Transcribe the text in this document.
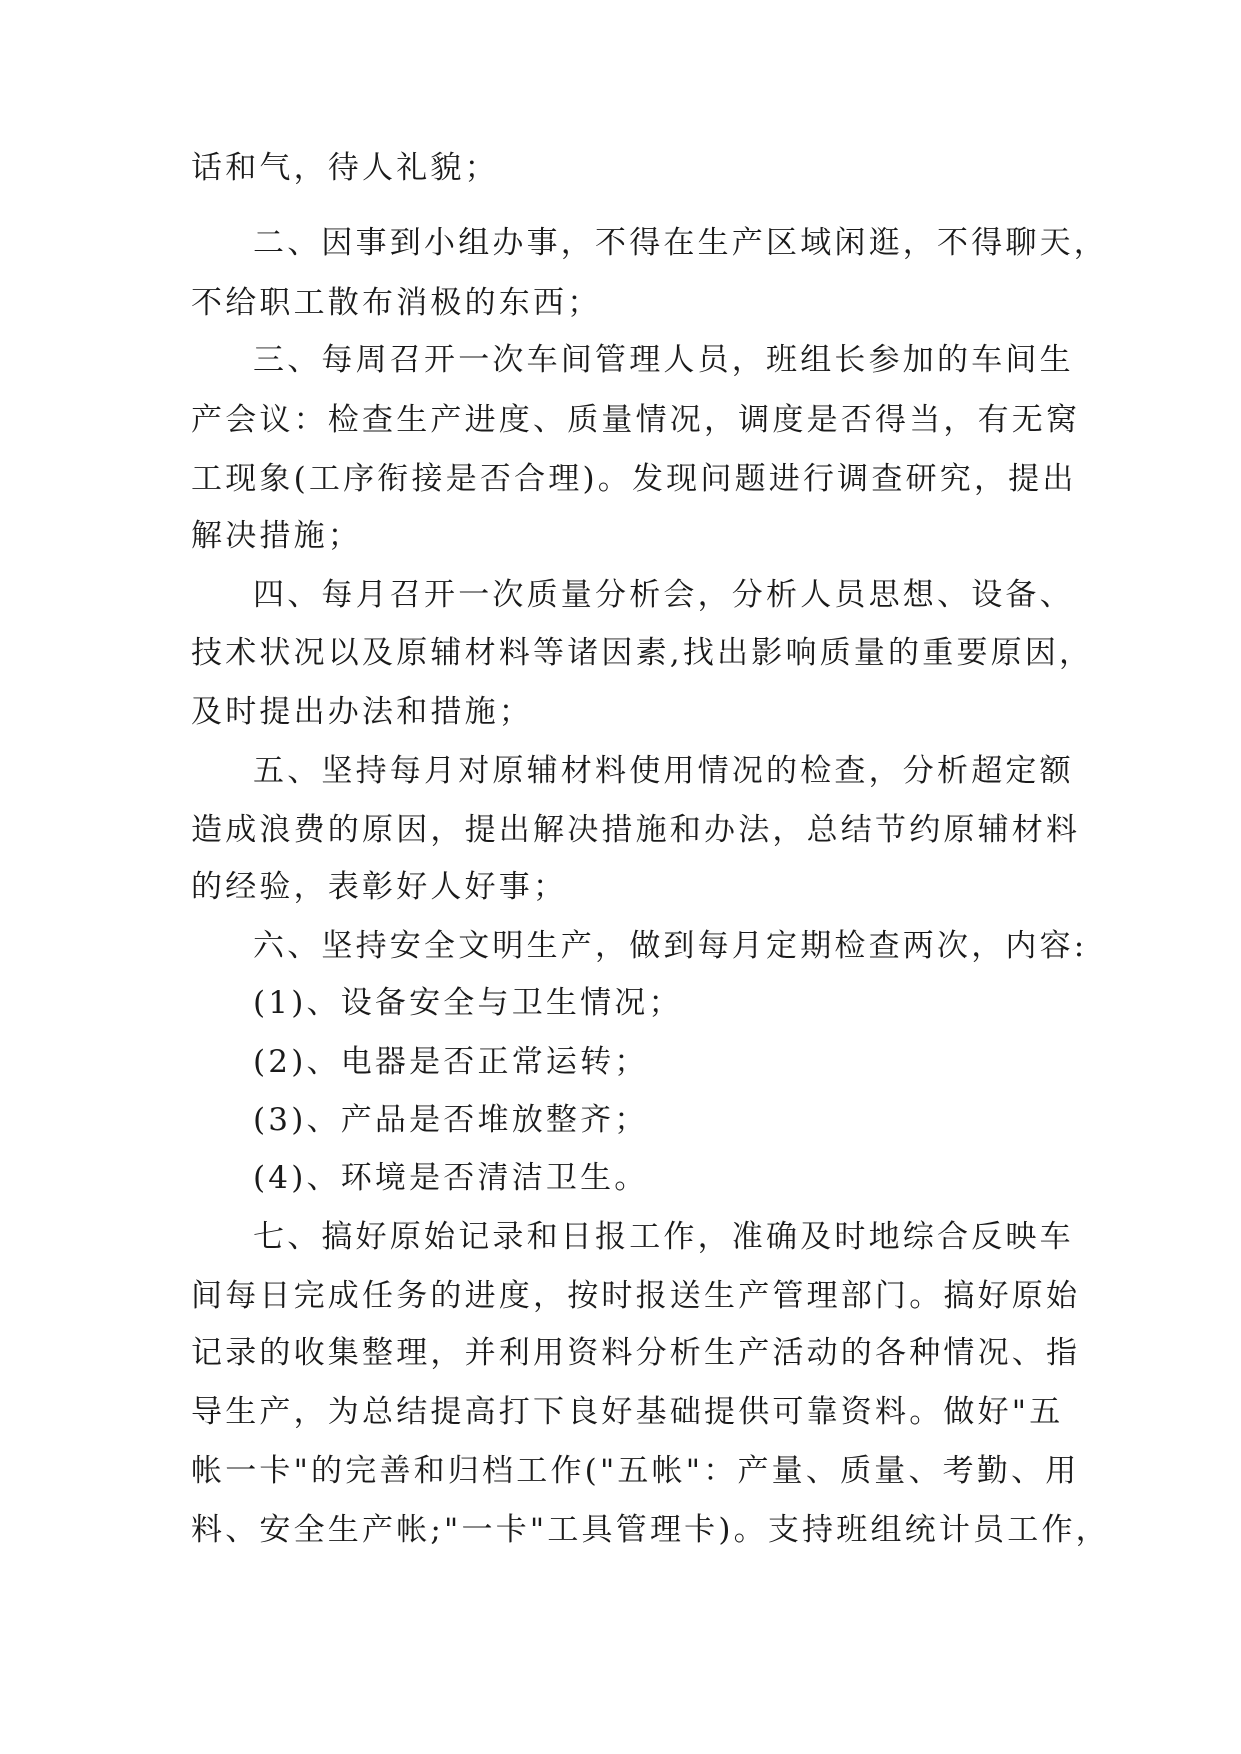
话和气，待人礼貌；
二、因事到小组办事，不得在生产区域闲逛，不得聊天，
不给职工散布消极的东西；
三、每周召开一次车间管理人员，班组长参加的车间生
产会议：检查生产进度、质量情况，调度是否得当，有无窝
工现象(工序衔接是否合理)。发现问题进行调查研究，提出
解决措施；
四、每月召开一次质量分析会，分析人员思想、设备、
技术状况以及原辅材料等诸因素,找出影响质量的重要原因，
及时提出办法和措施；
五、坚持每月对原辅材料使用情况的检查，分析超定额
造成浪费的原因，提出解决措施和办法，总结节约原辅材料
的经验，表彰好人好事；
六、坚持安全文明生产，做到每月定期检查两次，内容:
(1)、设备安全与卫生情况；
(2)、电器是否正常运转；
(3)、产品是否堆放整齐；
(4)、环境是否清洁卫生。
七、搞好原始记录和日报工作，准确及时地综合反映车
间每日完成任务的进度，按时报送生产管理部门。搞好原始
记录的收集整理，并利用资料分析生产活动的各种情况、指
导生产，为总结提高打下良好基础提供可靠资料。做好"五
帐一卡"的完善和归档工作("五帐"：产量、质量、考勤、用
料、安全生产帐;"一卡"工具管理卡)。支持班组统计员工作，
